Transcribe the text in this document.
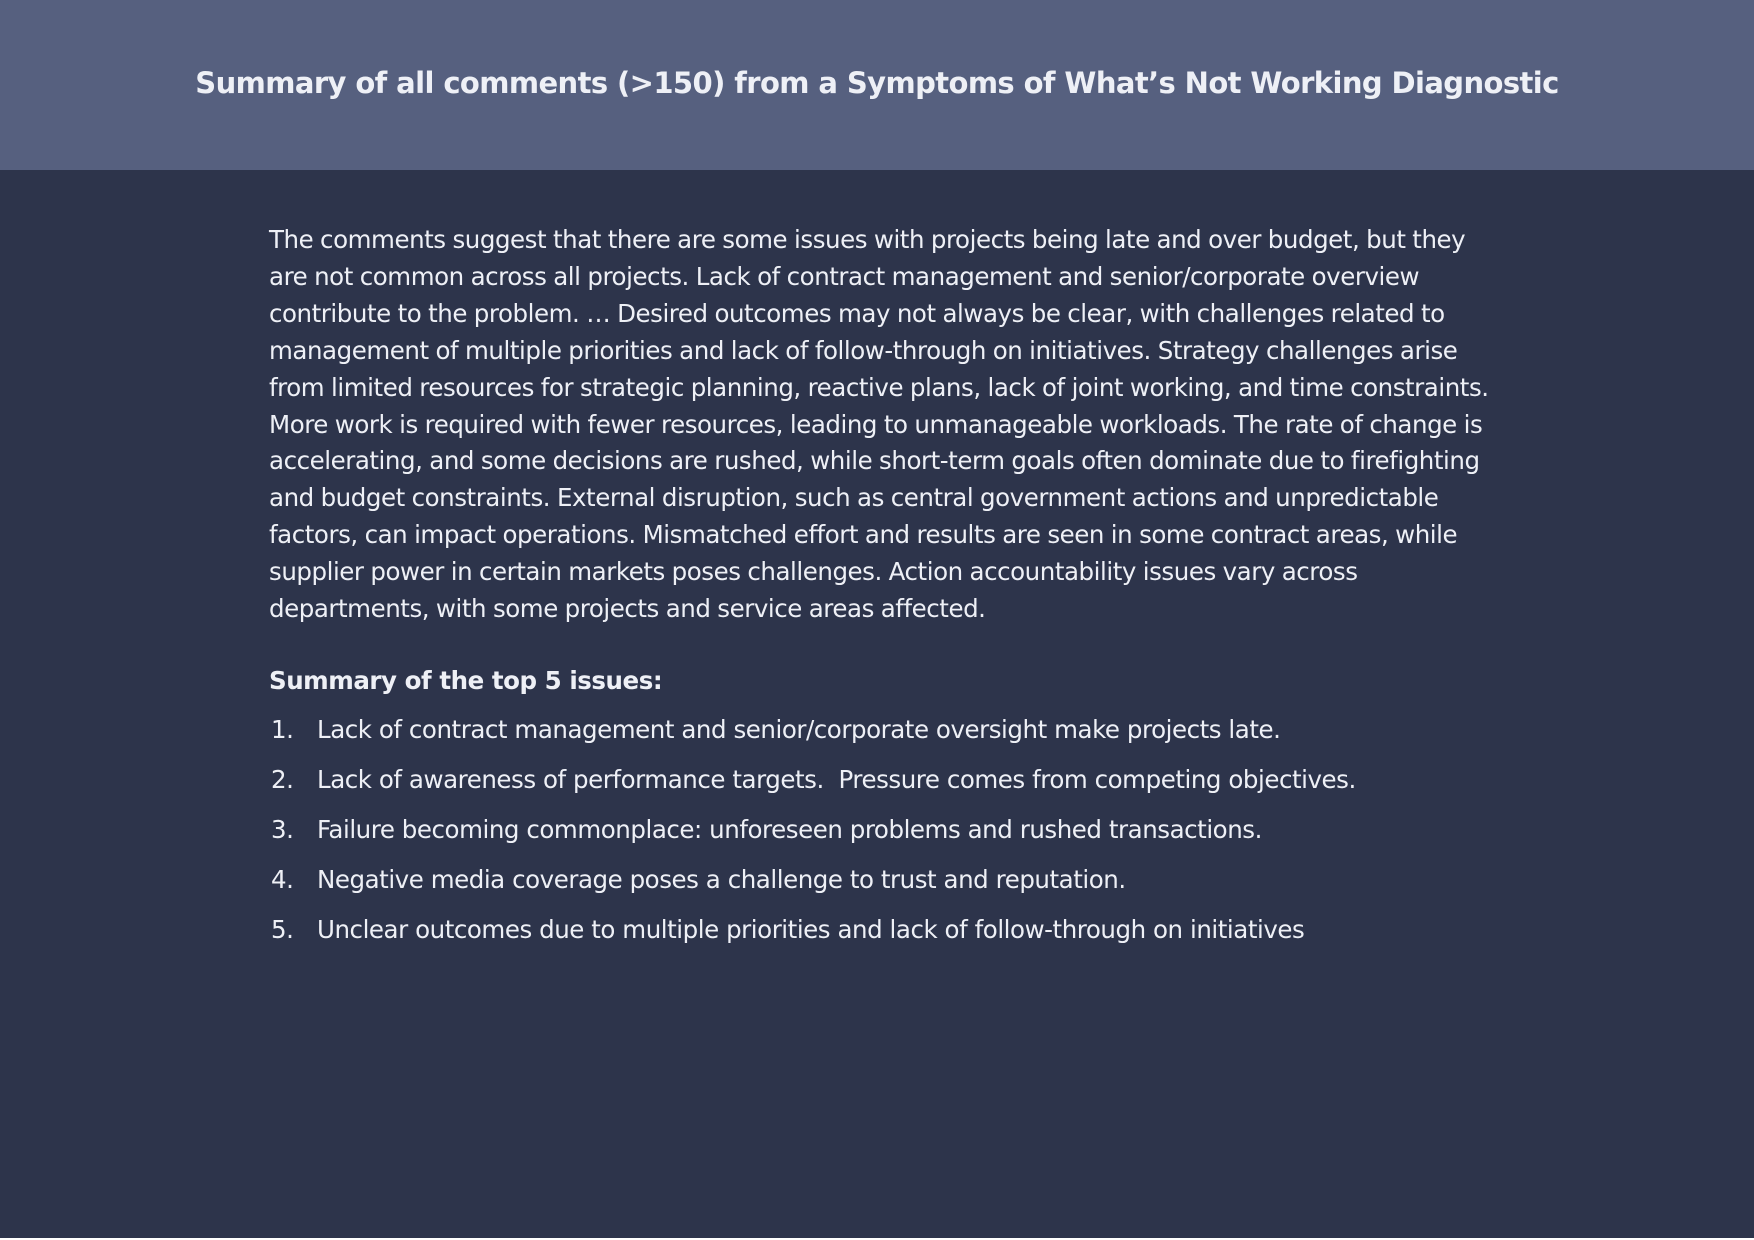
Summary of all comments (>150) from a Symptoms of What’s Not Working Diagnostic

The comments suggest that there are some issues with projects being late and over budget, but they are not common across all projects. Lack of contract management and senior/corporate overview contribute to the problem. … Desired outcomes may not always be clear, with challenges related to management of multiple priorities and lack of follow-through on initiatives. Strategy challenges arise from limited resources for strategic planning, reactive plans, lack of joint working, and time constraints. More work is required with fewer resources, leading to unmanageable workloads. The rate of change is accelerating, and some decisions are rushed, while short-term goals often dominate due to firefighting and budget constraints. External disruption, such as central government actions and unpredictable factors, can impact operations. Mismatched effort and results are seen in some contract areas, while supplier power in certain markets poses challenges. Action accountability issues vary across departments, with some projects and service areas affected.

Summary of the top 5 issues:
1. Lack of contract management and senior/corporate oversight make projects late.
2. Lack of awareness of performance targets.  Pressure comes from competing objectives.
3. Failure becoming commonplace: unforeseen problems and rushed transactions.
4. Negative media coverage poses a challenge to trust and reputation.
5. Unclear outcomes due to multiple priorities and lack of follow-through on initiatives
